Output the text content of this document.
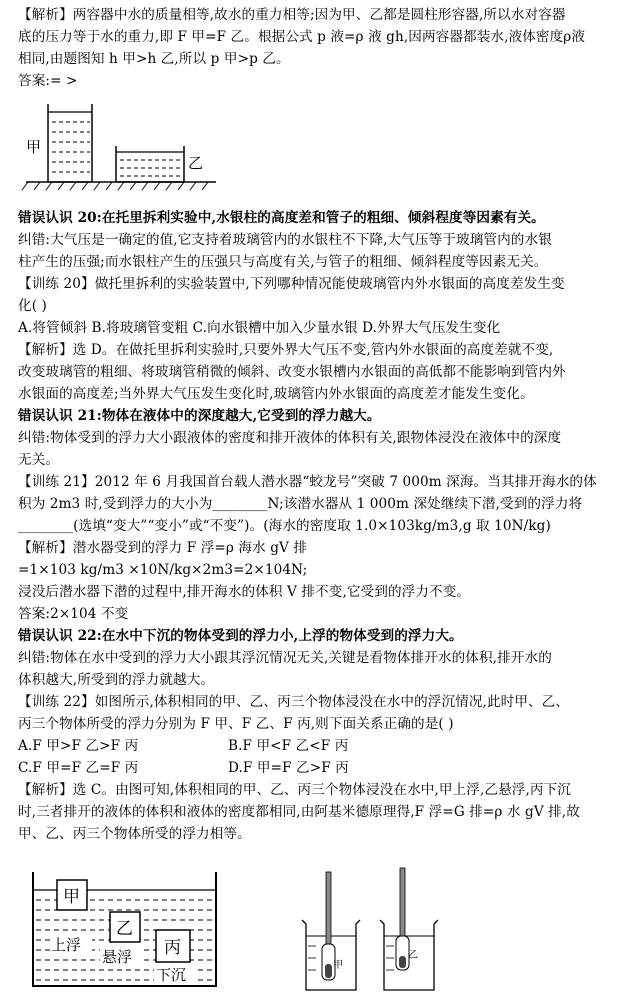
【解析】两容器中水的质量相等,故水的重力相等;因为甲、乙都是圆柱形容器,所以水对容器
底的压力等于水的重力,即 F 甲=F 乙。根据公式 p 液=ρ 液 gh,因两容器都装水,液体密度ρ液
相同,由题图知 h 甲>h 乙,所以 p 甲>p 乙。
答案:= >
甲
乙
错误认识 20:在托里拆利实验中,水银柱的高度差和管子的粗细、倾斜程度等因素有关。
纠错:大气压是一确定的值,它支持着玻璃管内的水银柱不下降,大气压等于玻璃管内的水银
柱产生的压强;而水银柱产生的压强只与高度有关,与管子的粗细、倾斜程度等因素无关。
【训练 20】做托里拆利的实验装置中,下列哪种情况能使玻璃管内外水银面的高度差发生变
化( )
A.将管倾斜 B.将玻璃管变粗 C.向水银槽中加入少量水银 D.外界大气压发生变化
【解析】选 D。在做托里拆利实验时,只要外界大气压不变,管内外水银面的高度差就不变,
改变玻璃管的粗细、将玻璃管稍微的倾斜、改变水银槽内水银面的高低都不能影响到管内外
水银面的高度差;当外界大气压发生变化时,玻璃管内外水银面的高度差才能发生变化。
错误认识 21:物体在液体中的深度越大,它受到的浮力越大。
纠错:物体受到的浮力大小跟液体的密度和排开液体的体积有关,跟物体浸没在液体中的深度
无关。
【训练 21】2012 年 6 月我国首台载人潜水器“蛟龙号”突破 7 000m 深海。当其排开海水的体
积为 2m3 时,受到浮力的大小为________N;该潜水器从 1 000m 深处继续下潜,受到的浮力将
________(选填“变大”“变小”或“不变”)。(海水的密度取 1.0×103kg/m3,g 取 10N/kg)
【解析】潜水器受到的浮力 F 浮=ρ 海水 gV 排
=1×103 kg/m3 ×10N/kg×2m3=2×104N;
浸没后潜水器下潜的过程中,排开海水的体积 V 排不变,它受到的浮力不变。
答案:2×104 不变
错误认识 22:在水中下沉的物体受到的浮力小,上浮的物体受到的浮力大。
纠错:物体在水中受到的浮力大小跟其浮沉情况无关,关键是看物体排开水的体积,排开水的
体积越大,所受到的浮力就越大。
【训练 22】如图所示,体积相同的甲、乙、丙三个物体浸没在水中的浮沉情况,此时甲、乙、
丙三个物体所受的浮力分别为 F 甲、F 乙、F 丙,则下面关系正确的是( )
A.F 甲>F 乙>F 丙	B.F 甲<F 乙<F 丙
C.F 甲=F 乙=F 丙	D.F 甲=F 乙>F 丙
【解析】选 C。由图可知,体积相同的甲、乙、丙三个物体浸没在水中,甲上浮,乙悬浮,丙下沉
时,三者排开的液体的体积和液体的密度都相同,由阿基米德原理得,F 浮=G 排=ρ 水 gV 排,故
甲、乙、丙三个物体所受的浮力相等。
甲
上浮
乙
悬浮 丙
下沉
甲
乙
